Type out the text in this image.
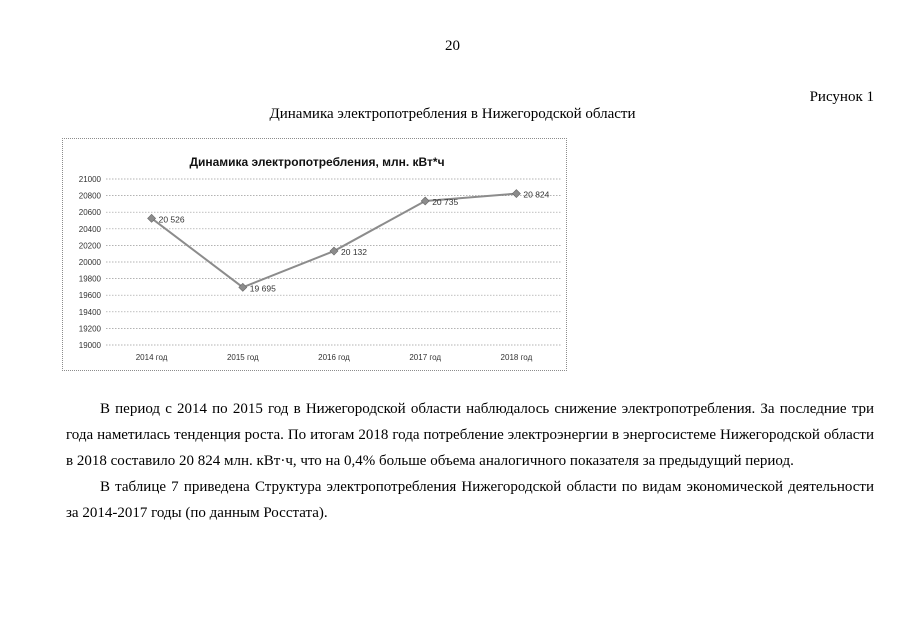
20
Рисунок 1
Динамика электропотребления в Нижегородской области
Динамика электропотребления, млн. кВт*ч
19000
19200
19400
19600
19800
20000
20200
20400
20600
20800
21000
2014 год	2015 год	2016 год	2017 год	2018 год
20 526
19 695
20 132
20 735
20 824

В период с 2014 по 2015 год в Нижегородской области наблюдалось снижение электропотребления. За последние три года наметилась тенденция роста. По итогам 2018 года потребление электроэнергии в энергосистеме Нижегородской области в 2018 составило 20 824 млн. кВт·ч, что на 0,4% больше объема аналогичного показателя за предыдущий период.

В таблице 7 приведена Структура электропотребления Нижегородской области по видам экономической деятельности за 2014-2017 годы (по данным Росстата).
